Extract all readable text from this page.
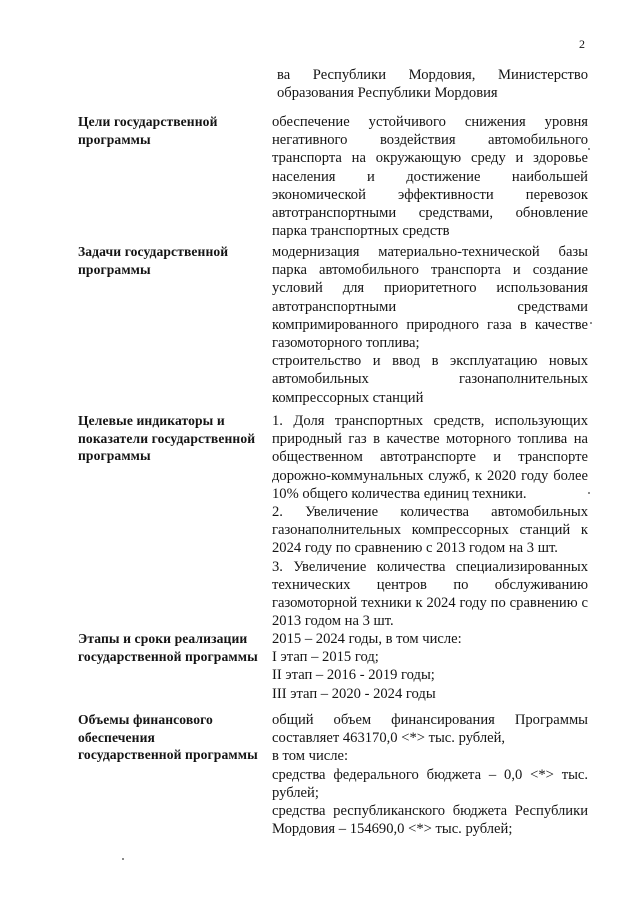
2
ва Республики Мордовия, Министерство образования Республики Мордовия
Цели государственной программы

обеспечение устойчивого снижения уровня негативного воздействия автомобильного транспорта на окружающую среду и здоровье населения и достижение наибольшей экономической эффективности перевозок автотранспортными средствами, обновление парка транспортных средств

Задачи государственной программы

модернизация материально-технической базы парка автомобильного транспорта и создание условий для приоритетного использования автотранспортными средствами компримированного природного газа в качестве газомоторного топлива;

строительство и ввод в эксплуатацию новых автомобильных газонаполнительных компрессорных станций

Целевые индикаторы и показатели государственной программы

1. Доля транспортных средств, использующих природный газ в качестве моторного топлива на общественном автотранспорте и транспорте дорожно-коммунальных служб, к 2020 году более 10% общего количества единиц техники.

2. Увеличение количества автомобильных газонаполнительных компрессорных станций к 2024 году по сравнению с 2013 годом на 3 шт.

3. Увеличение количества специализированных технических центров по обслуживанию газомоторной техники к 2024 году по сравнению с 2013 годом на 3 шт.

Этапы и сроки реализации государственной программы

2015 – 2024 годы, в том числе:

I этап – 2015 год;

II этап – 2016 - 2019 годы;

III этап – 2020 - 2024 годы

Объемы финансового обеспечения государственной программы

общий объем финансирования Программы составляет 463170,0 <*> тыс. рублей,

в том числе:

средства федерального бюджета – 0,0 <*> тыс. рублей;

средства республиканского бюджета Республики Мордовия – 154690,0 <*> тыс. рублей;
